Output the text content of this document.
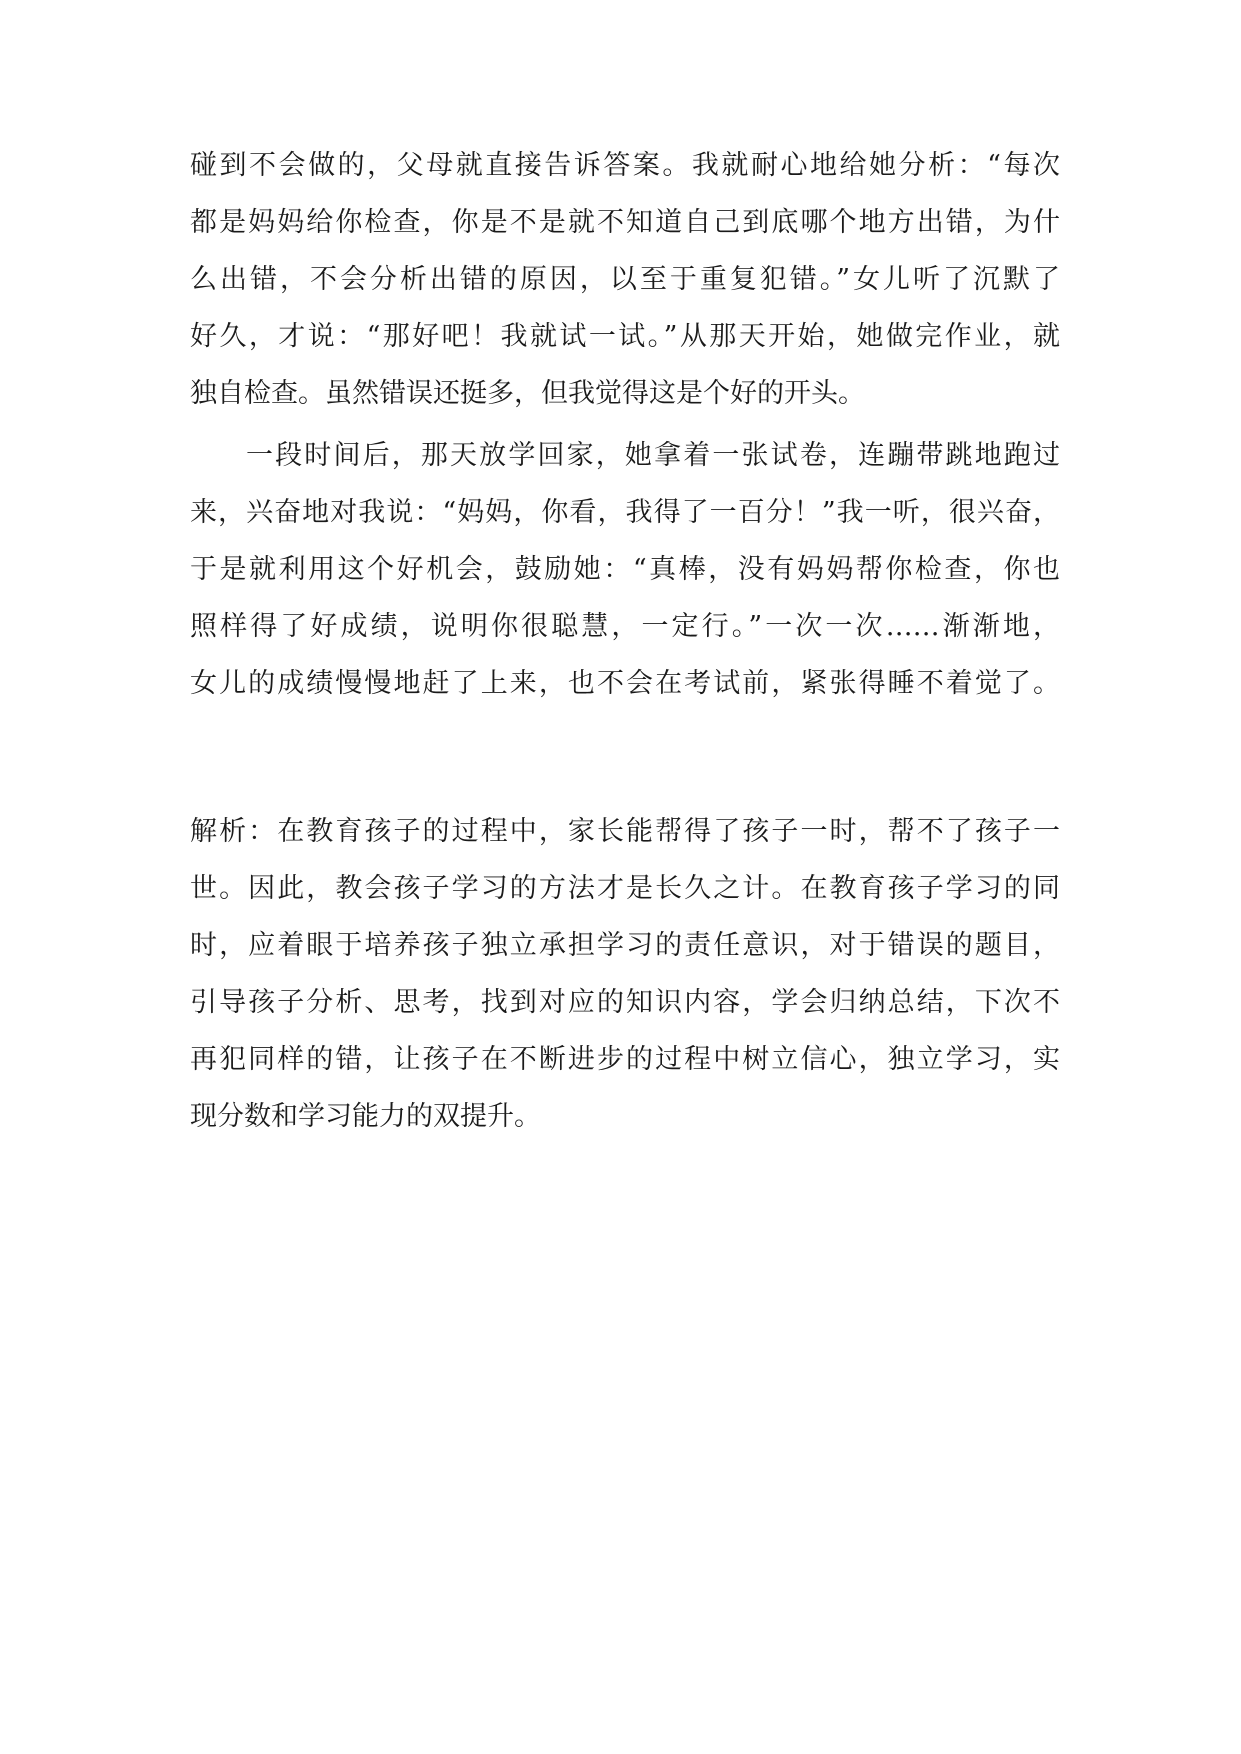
碰到不会做的，父母就直接告诉答案。我就耐心地给她分析：“每次
都是妈妈给你检查，你是不是就不知道自己到底哪个地方出错，为什
么出错，不会分析出错的原因，以至于重复犯错。”女儿听了沉默了
好久，才说：“那好吧！我就试一试。”从那天开始，她做完作业，就
独自检查。虽然错误还挺多，但我觉得这是个好的开头。
一段时间后，那天放学回家，她拿着一张试卷，连蹦带跳地跑过
来，兴奋地对我说：“妈妈，你看，我得了一百分！”我一听，很兴奋，
于是就利用这个好机会，鼓励她：“真棒，没有妈妈帮你检查，你也
照样得了好成绩，说明你很聪慧，一定行。”一次一次……渐渐地，
女儿的成绩慢慢地赶了上来，也不会在考试前，紧张得睡不着觉了。
解析：在教育孩子的过程中，家长能帮得了孩子一时，帮不了孩子一
世。因此，教会孩子学习的方法才是长久之计。在教育孩子学习的同
时，应着眼于培养孩子独立承担学习的责任意识，对于错误的题目，
引导孩子分析、思考，找到对应的知识内容，学会归纳总结，下次不
再犯同样的错，让孩子在不断进步的过程中树立信心，独立学习，实
现分数和学习能力的双提升。
